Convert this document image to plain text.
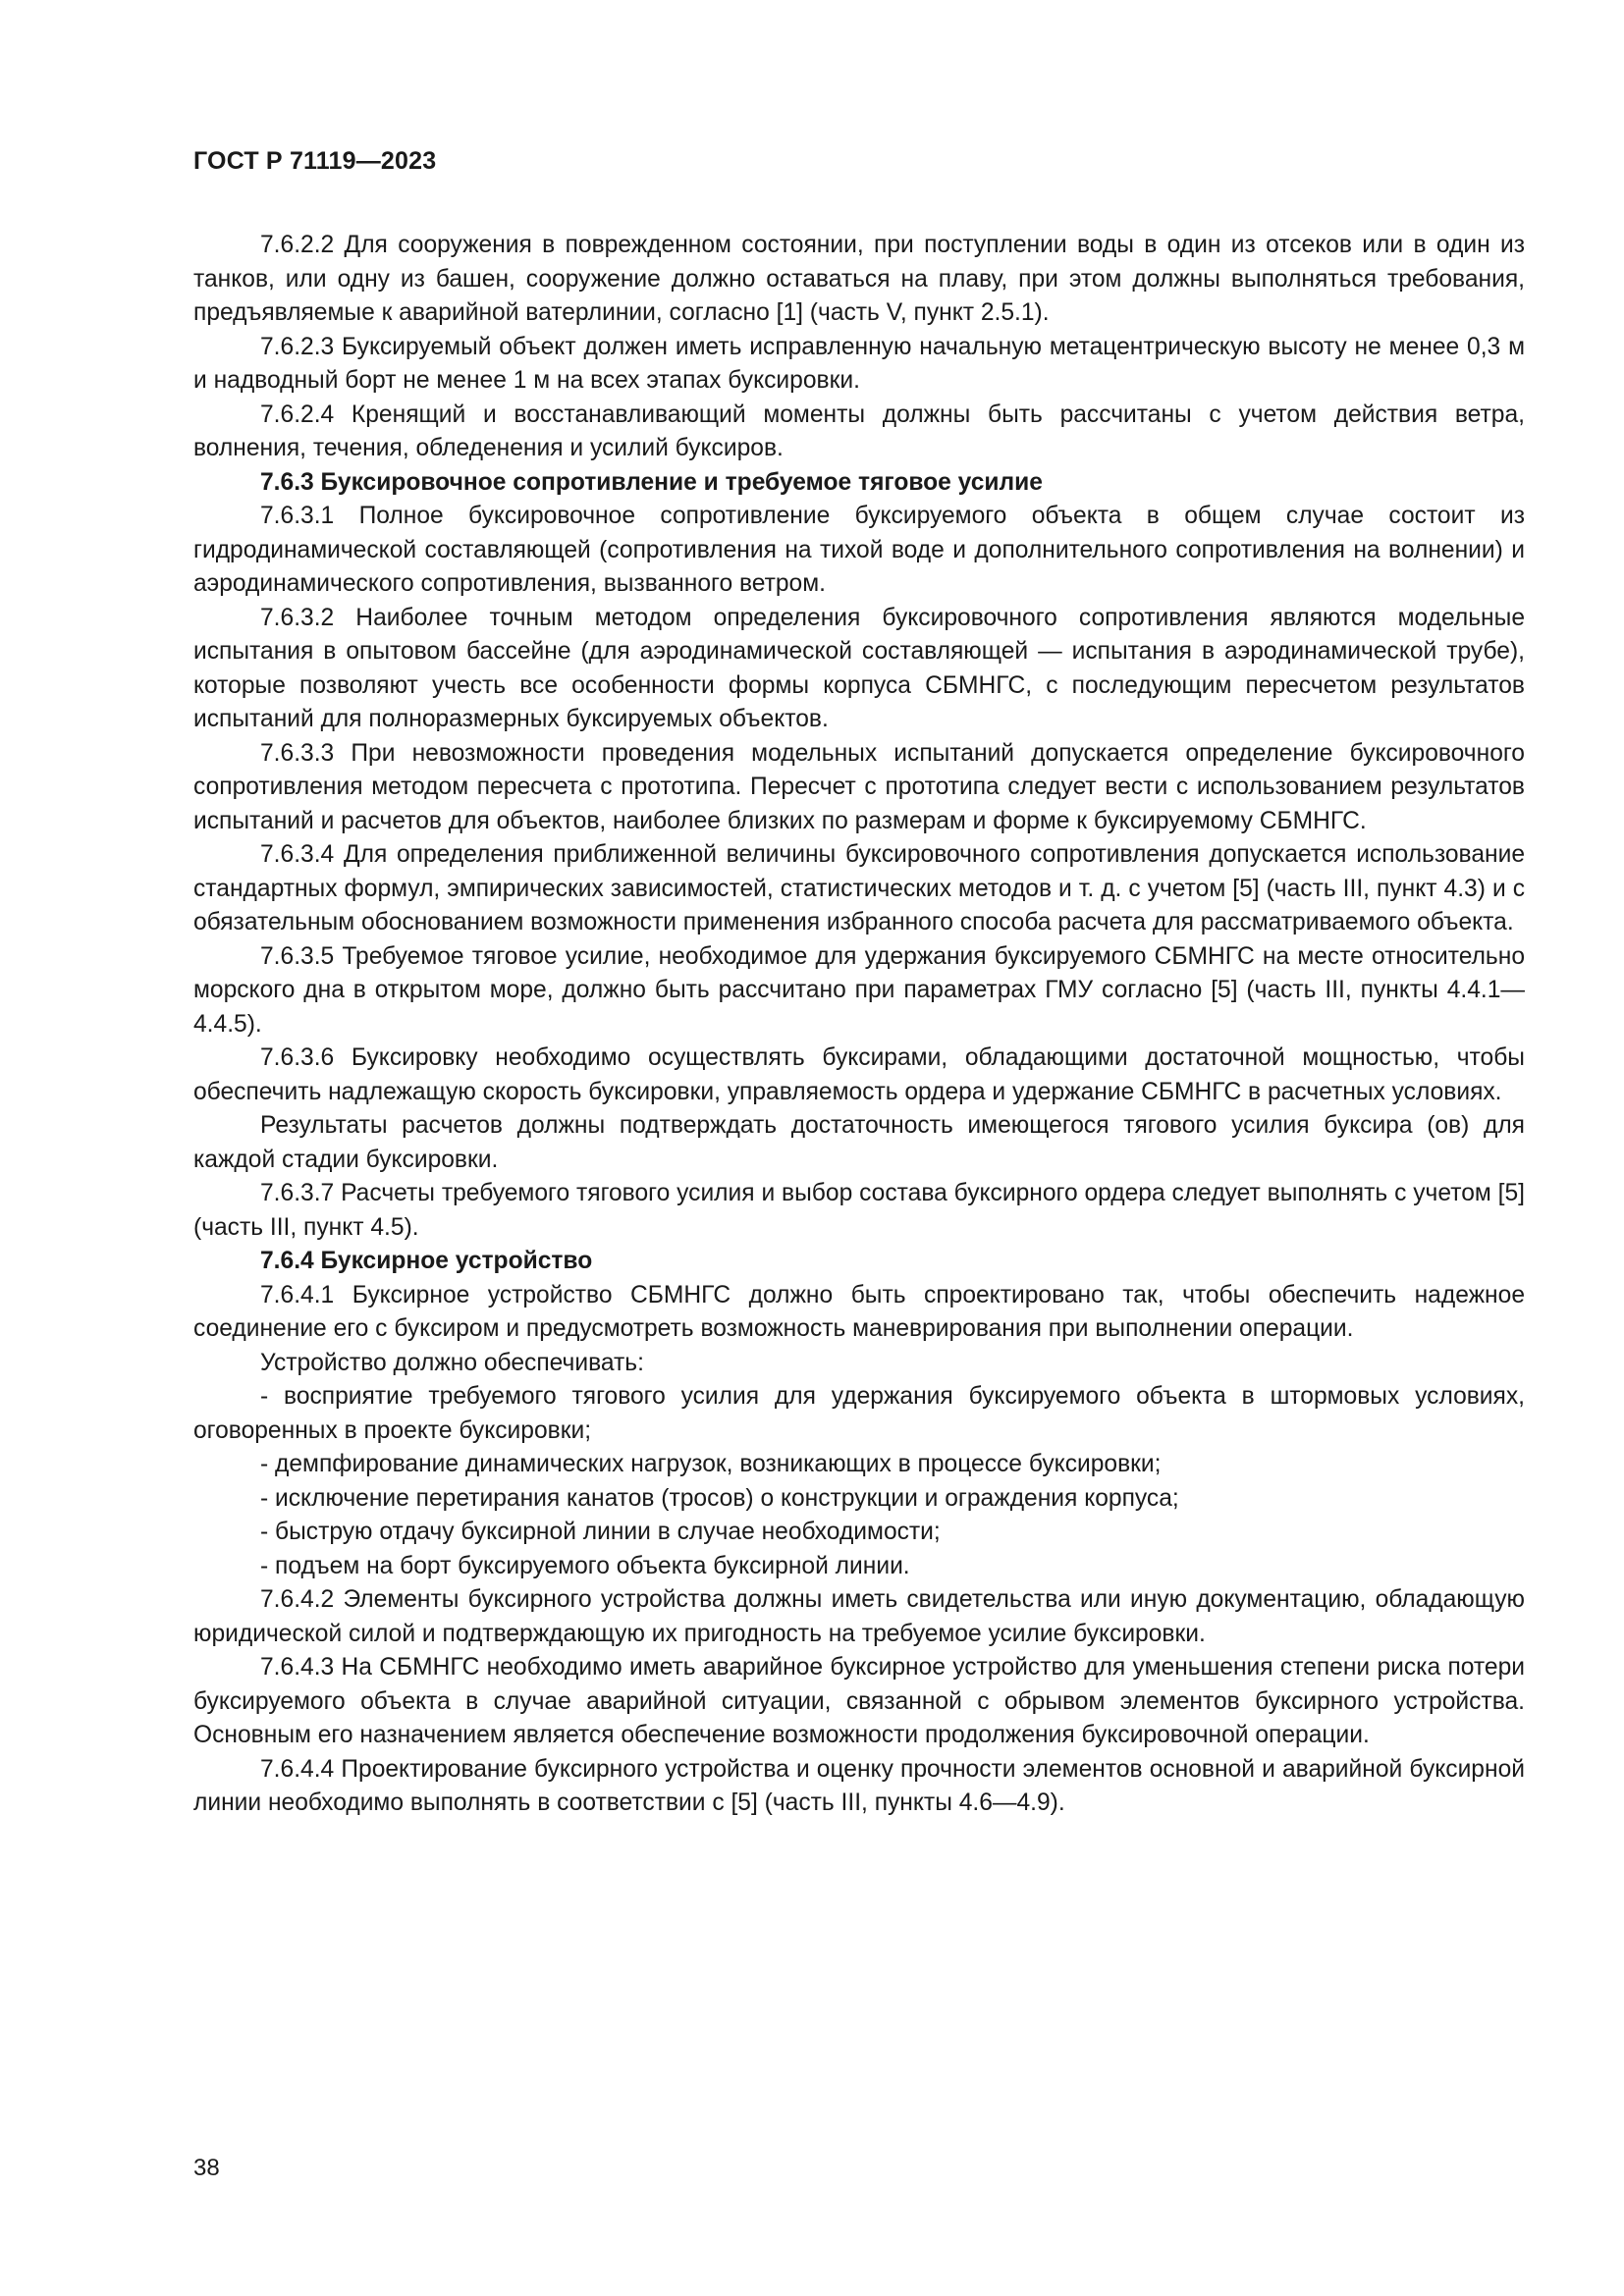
ГОСТ Р 71119—2023

7.6.2.2 Для сооружения в поврежденном состоянии, при поступлении воды в один из отсеков или в один из танков, или одну из башен, сооружение должно оставаться на плаву, при этом должны выполняться требования, предъявляемые к аварийной ватерлинии, согласно [1] (часть V, пункт 2.5.1).

7.6.2.3 Буксируемый объект должен иметь исправленную начальную метацентрическую высоту не менее 0,3 м и надводный борт не менее 1 м на всех этапах буксировки.

7.6.2.4 Кренящий и восстанавливающий моменты должны быть рассчитаны с учетом действия ветра, волнения, течения, обледенения и усилий буксиров.

7.6.3 Буксировочное сопротивление и требуемое тяговое усилие

7.6.3.1 Полное буксировочное сопротивление буксируемого объекта в общем случае состоит из гидродинамической составляющей (сопротивления на тихой воде и дополнительного сопротивления на волнении) и аэродинамического сопротивления, вызванного ветром.

7.6.3.2 Наиболее точным методом определения буксировочного сопротивления являются модельные испытания в опытовом бассейне (для аэродинамической составляющей — испытания в аэродинамической трубе), которые позволяют учесть все особенности формы корпуса СБМНГС, с последующим пересчетом результатов испытаний для полноразмерных буксируемых объектов.

7.6.3.3 При невозможности проведения модельных испытаний допускается определение буксировочного сопротивления методом пересчета с прототипа. Пересчет с прототипа следует вести с использованием результатов испытаний и расчетов для объектов, наиболее близких по размерам и форме к буксируемому СБМНГС.

7.6.3.4 Для определения приближенной величины буксировочного сопротивления допускается использование стандартных формул, эмпирических зависимостей, статистических методов и т. д. с учетом [5] (часть III, пункт 4.3) и с обязательным обоснованием возможности применения избранного способа расчета для рассматриваемого объекта.

7.6.3.5 Требуемое тяговое усилие, необходимое для удержания буксируемого СБМНГС на месте относительно морского дна в открытом море, должно быть рассчитано при параметрах ГМУ согласно [5] (часть III, пункты 4.4.1—4.4.5).

7.6.3.6 Буксировку необходимо осуществлять буксирами, обладающими достаточной мощностью, чтобы обеспечить надлежащую скорость буксировки, управляемость ордера и удержание СБМНГС в расчетных условиях.

Результаты расчетов должны подтверждать достаточность имеющегося тягового усилия буксира (ов) для каждой стадии буксировки.

7.6.3.7 Расчеты требуемого тягового усилия и выбор состава буксирного ордера следует выполнять с учетом [5] (часть III, пункт 4.5).

7.6.4 Буксирное устройство

7.6.4.1 Буксирное устройство СБМНГС должно быть спроектировано так, чтобы обеспечить надежное соединение его с буксиром и предусмотреть возможность маневрирования при выполнении операции.

Устройство должно обеспечивать:

- восприятие требуемого тягового усилия для удержания буксируемого объекта в штормовых условиях, оговоренных в проекте буксировки;

- демпфирование динамических нагрузок, возникающих в процессе буксировки;

- исключение перетирания канатов (тросов) о конструкции и ограждения корпуса;

- быструю отдачу буксирной линии в случае необходимости;

- подъем на борт буксируемого объекта буксирной линии.

7.6.4.2 Элементы буксирного устройства должны иметь свидетельства или иную документацию, обладающую юридической силой и подтверждающую их пригодность на требуемое усилие буксировки.

7.6.4.3 На СБМНГС необходимо иметь аварийное буксирное устройство для уменьшения степени риска потери буксируемого объекта в случае аварийной ситуации, связанной с обрывом элементов буксирного устройства. Основным его назначением является обеспечение возможности продолжения буксировочной операции.

7.6.4.4 Проектирование буксирного устройства и оценку прочности элементов основной и аварийной буксирной линии необходимо выполнять в соответствии с [5] (часть III, пункты 4.6—4.9).

38
